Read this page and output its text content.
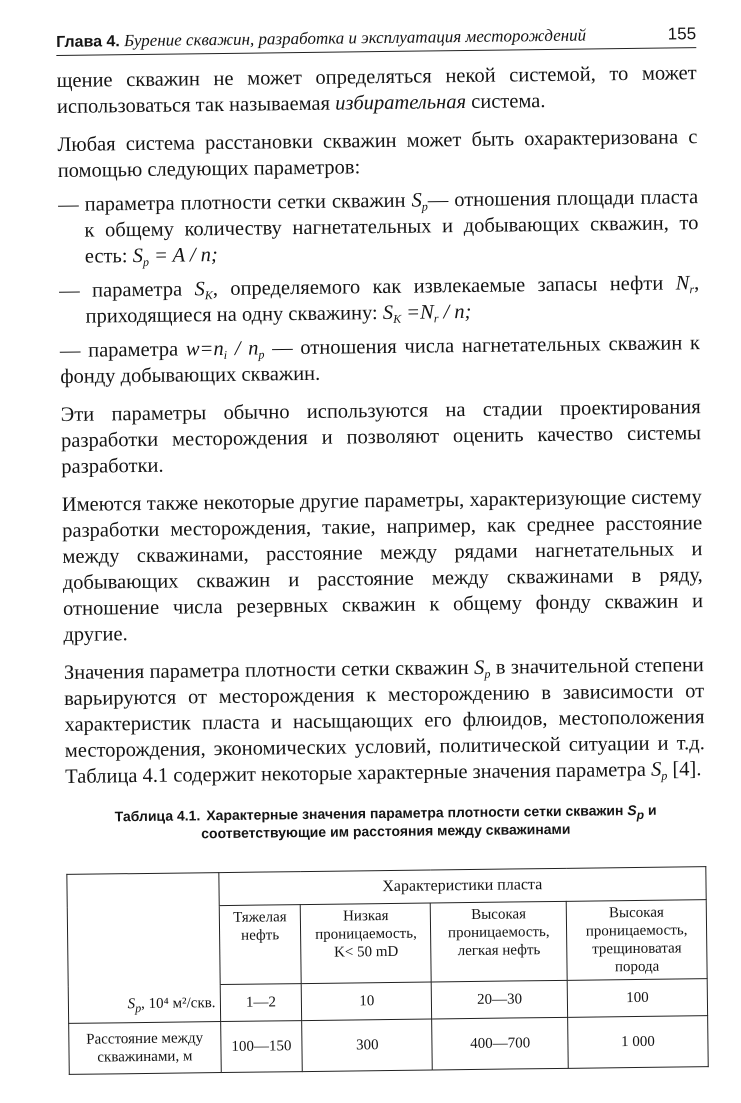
Глава 4. Бурение скважин, разработка и эксплуатация месторождений	155

щение скважин не может определяться некой системой, то может использоваться так называемая избирательная система.

Любая система расстановки скважин может быть охарактеризована с помощью следующих параметров:

— параметра плотности сетки скважин $S_p—$ отношения площади пласта к общему количеству нагнетательных и добывающих скважин, то есть: $S_p = A / n$;

— параметра $S_K$, определяемого как извлекаемые запасы нефти $N_r$, приходящиеся на одну скважину: $S_K =N_r / n$;

— параметра $w=n_i / n_p$ — отношения числа нагнетательных скважин к фонду добывающих скважин.

Эти параметры обычно используются на стадии проектирования разработки месторождения и позволяют оценить качество системы разработки.

Имеются также некоторые другие параметры, характеризующие систему разработки месторождения, такие, например, как среднее расстояние между скважинами, расстояние между рядами нагнетательных и добывающих скважин и расстояние между скважинами в ряду, отношение числа резервных скважин к общему фонду скважин и другие.

Значения параметра плотности сетки скважин $S_p$ в значительной степени варьируются от месторождения к месторождению в зависимости от характеристик пласта и насыщающих его флюидов, местоположения месторождения, экономических условий, политической ситуации и т.д. Таблица 4.1 содержит некоторые характерные значения параметра $S_p$ [4].

Таблица 4.1. Характерные значения параметра плотности сетки скважин $S_p$ и соответствующие им расстояния между скважинами
	Характеристики пласта			
	Тяжелая нефть	Низкая проницаемость, K< 50 mD	Высокая проницаемость, легкая нефть	Высокая проницаемость, трещиноватая порода
$S_p$, 10⁴ м²/скв.	1—2	10	20—30	100
Расстояние между скважинами, м	100—150	300	400—700	1 000
